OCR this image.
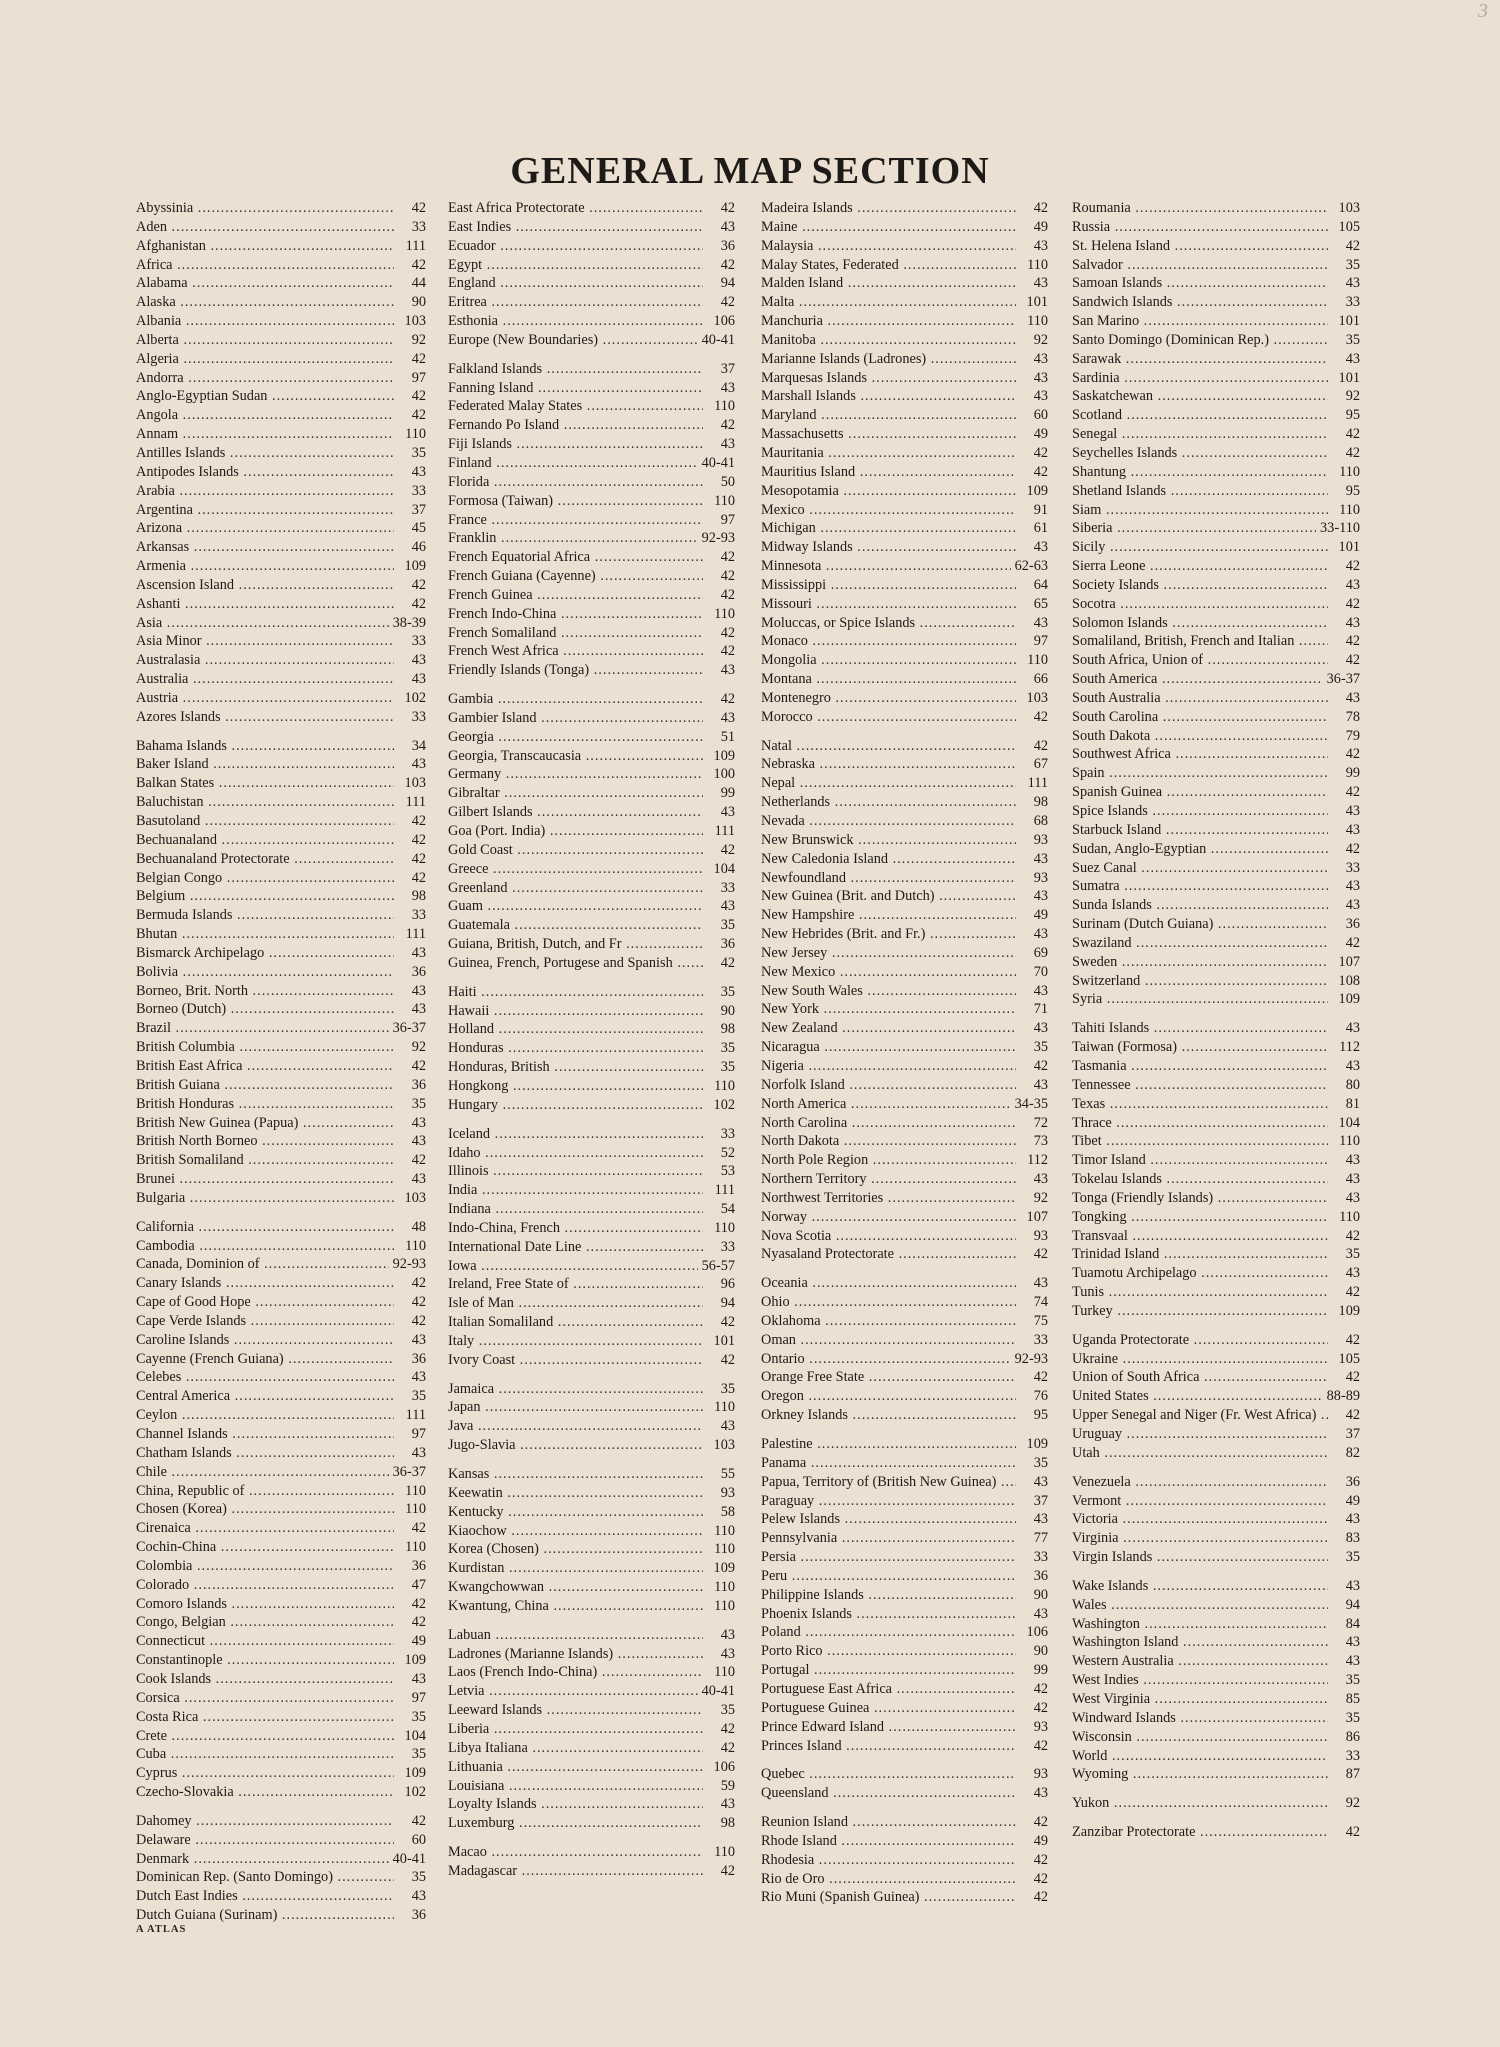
3
GENERAL MAP SECTION
Abyssinia .....	42
Aden .....	33
Afghanistan .....	111
Africa .....	42
Alabama .....	44
Alaska .....	90
Albania .....	103
Alberta .....	92
Algeria .....	42
Andorra .....	97
Anglo-Egyptian Sudan .....	42
Angola .....	42
Annam .....	110
Antilles Islands .....	35
Antipodes Islands .....	43
Arabia .....	33
Argentina .....	37
Arizona .....	45
Arkansas .....	46
Armenia .....	109
Ascension Island .....	42
Ashanti .....	42
Asia .....	38-39
Asia Minor .....	33
Australasia .....	43
Australia .....	43
Austria .....	102
Azores Islands .....	33
Bahama Islands .....	34
Baker Island .....	43
Balkan States .....	103
Baluchistan .....	111
Basutoland .....	42
Bechuanaland .....	42
Bechuanaland Protectorate .....	42
Belgian Congo .....	42
Belgium .....	98
Bermuda Islands .....	33
Bhutan .....	111
Bismarck Archipelago .....	43
Bolivia .....	36
Borneo, Brit. North .....	43
Borneo (Dutch) .....	43
Brazil .....	36-37
British Columbia .....	92
British East Africa .....	42
British Guiana .....	36
British Honduras .....	35
British New Guinea (Papua) .....	43
British North Borneo .....	43
British Somaliland .....	42
Brunei .....	43
Bulgaria .....	103
California .....	48
Cambodia .....	110
Canada, Dominion of .....	92-93
Canary Islands .....	42
Cape of Good Hope .....	42
Cape Verde Islands .....	42
Caroline Islands .....	43
Cayenne (French Guiana) .....	36
Celebes .....	43
Central America .....	35
Ceylon .....	111
Channel Islands .....	97
Chatham Islands .....	43
Chile .....	36-37
China, Republic of .....	110
Chosen (Korea) .....	110
Cirenaica .....	42
Cochin-China .....	110
Colombia .....	36
Colorado .....	47
Comoro Islands .....	42
Congo, Belgian .....	42
Connecticut .....	49
Constantinople .....	109
Cook Islands .....	43
Corsica .....	97
Costa Rica .....	35
Crete .....	104
Cuba .....	35
Cyprus .....	109
Czecho-Slovakia .....	102
Dahomey .....	42
Delaware .....	60
Denmark .....	40-41
Dominican Rep. (Santo Domingo) .....	35
Dutch East Indies .....	43
Dutch Guiana (Surinam) .....	36
East Africa Protectorate .....	42
East Indies .....	43
Ecuador .....	36
Egypt .....	42
England .....	94
Eritrea .....	42
Esthonia .....	106
Europe (New Boundaries) .....	40-41
Falkland Islands .....	37
Fanning Island .....	43
Federated Malay States .....	110
Fernando Po Island .....	42
Fiji Islands .....	43
Finland .....	40-41
Florida .....	50
Formosa (Taiwan) .....	110
France .....	97
Franklin .....	92-93
French Equatorial Africa .....	42
French Guiana (Cayenne) .....	42
French Guinea .....	42
French Indo-China .....	110
French Somaliland .....	42
French West Africa .....	42
Friendly Islands (Tonga) .....	43
Gambia .....	42
Gambier Island .....	43
Georgia .....	51
Georgia, Transcaucasia .....	109
Germany .....	100
Gibraltar .....	99
Gilbert Islands .....	43
Goa (Port. India) .....	111
Gold Coast .....	42
Greece .....	104
Greenland .....	33
Guam .....	43
Guatemala .....	35
Guiana, British, Dutch, and Fr .....	36
Guinea, French, Portugese and Spanish .....	42
Haiti .....	35
Hawaii .....	90
Holland .....	98
Honduras .....	35
Honduras, British .....	35
Hongkong .....	110
Hungary .....	102
Iceland .....	33
Idaho .....	52
Illinois .....	53
India .....	111
Indiana .....	54
Indo-China, French .....	110
International Date Line .....	33
Iowa .....	56-57
Ireland, Free State of .....	96
Isle of Man .....	94
Italian Somaliland .....	42
Italy .....	101
Ivory Coast .....	42
Jamaica .....	35
Japan .....	110
Java .....	43
Jugo-Slavia .....	103
Kansas .....	55
Keewatin .....	93
Kentucky .....	58
Kiaochow .....	110
Korea (Chosen) .....	110
Kurdistan .....	109
Kwangchowwan .....	110
Kwantung, China .....	110
Labuan .....	43
Ladrones (Marianne Islands) .....	43
Laos (French Indo-China) .....	110
Letvia .....	40-41
Leeward Islands .....	35
Liberia .....	42
Libya Italiana .....	42
Lithuania .....	106
Louisiana .....	59
Loyalty Islands .....	43
Luxemburg .....	98
Macao .....	110
Madagascar .....	42
Madeira Islands .....	42
Maine .....	49
Malaysia .....	43
Malay States, Federated .....	110
Malden Island .....	43
Malta .....	101
Manchuria .....	110
Manitoba .....	92
Marianne Islands (Ladrones) .....	43
Marquesas Islands .....	43
Marshall Islands .....	43
Maryland .....	60
Massachusetts .....	49
Mauritania .....	42
Mauritius Island .....	42
Mesopotamia .....	109
Mexico .....	91
Michigan .....	61
Midway Islands .....	43
Minnesota .....	62-63
Mississippi .....	64
Missouri .....	65
Moluccas, or Spice Islands .....	43
Monaco .....	97
Mongolia .....	110
Montana .....	66
Montenegro .....	103
Morocco .....	42
Natal .....	42
Nebraska .....	67
Nepal .....	111
Netherlands .....	98
Nevada .....	68
New Brunswick .....	93
New Caledonia Island .....	43
Newfoundland .....	93
New Guinea (Brit. and Dutch) .....	43
New Hampshire .....	49
New Hebrides (Brit. and Fr.) .....	43
New Jersey .....	69
New Mexico .....	70
New South Wales .....	43
New York .....	71
New Zealand .....	43
Nicaragua .....	35
Nigeria .....	42
Norfolk Island .....	43
North America .....	34-35
North Carolina .....	72
North Dakota .....	73
North Pole Region .....	112
Northern Territory .....	43
Northwest Territories .....	92
Norway .....	107
Nova Scotia .....	93
Nyasaland Protectorate .....	42
Oceania .....	43
Ohio .....	74
Oklahoma .....	75
Oman .....	33
Ontario .....	92-93
Orange Free State .....	42
Oregon .....	76
Orkney Islands .....	95
Palestine .....	109
Panama .....	35
Papua, Territory of (British New Guinea) .....	43
Paraguay .....	37
Pelew Islands .....	43
Pennsylvania .....	77
Persia .....	33
Peru .....	36
Philippine Islands .....	90
Phoenix Islands .....	43
Poland .....	106
Porto Rico .....	90
Portugal .....	99
Portuguese East Africa .....	42
Portuguese Guinea .....	42
Prince Edward Island .....	93
Princes Island .....	42
Quebec .....	93
Queensland .....	43
Reunion Island .....	42
Rhode Island .....	49
Rhodesia .....	42
Rio de Oro .....	42
Rio Muni (Spanish Guinea) .....	42
Roumania .....	103
Russia .....	105
St. Helena Island .....	42
Salvador .....	35
Samoan Islands .....	43
Sandwich Islands .....	33
San Marino .....	101
Santo Domingo (Dominican Rep.) .....	35
Sarawak .....	43
Sardinia .....	101
Saskatchewan .....	92
Scotland .....	95
Senegal .....	42
Seychelles Islands .....	42
Shantung .....	110
Shetland Islands .....	95
Siam .....	110
Siberia .....	33-110
Sicily .....	101
Sierra Leone .....	42
Society Islands .....	43
Socotra .....	42
Solomon Islands .....	43
Somaliland, British, French and Italian .....	42
South Africa, Union of .....	42
South America .....	36-37
South Australia .....	43
South Carolina .....	78
South Dakota .....	79
Southwest Africa .....	42
Spain .....	99
Spanish Guinea .....	42
Spice Islands .....	43
Starbuck Island .....	43
Sudan, Anglo-Egyptian .....	42
Suez Canal .....	33
Sumatra .....	43
Sunda Islands .....	43
Surinam (Dutch Guiana) .....	36
Swaziland .....	42
Sweden .....	107
Switzerland .....	108
Syria .....	109
Tahiti Islands .....	43
Taiwan (Formosa) .....	112
Tasmania .....	43
Tennessee .....	80
Texas .....	81
Thrace .....	104
Tibet .....	110
Timor Island .....	43
Tokelau Islands .....	43
Tonga (Friendly Islands) .....	43
Tongking .....	110
Transvaal .....	42
Trinidad Island .....	35
Tuamotu Archipelago .....	43
Tunis .....	42
Turkey .....	109
Uganda Protectorate .....	42
Ukraine .....	105
Union of South Africa .....	42
United States .....	88-89
Upper Senegal and Niger (Fr. West Africa) .....	42
Uruguay .....	37
Utah .....	82
Venezuela .....	36
Vermont .....	49
Victoria .....	43
Virginia .....	83
Virgin Islands .....	35
Wake Islands .....	43
Wales .....	94
Washington .....	84
Washington Island .....	43
Western Australia .....	43
West Indies .....	35
West Virginia .....	85
Windward Islands .....	35
Wisconsin .....	86
World .....	33
Wyoming .....	87
Yukon .....	92
Zanzibar Protectorate .....	42
A ATLAS
